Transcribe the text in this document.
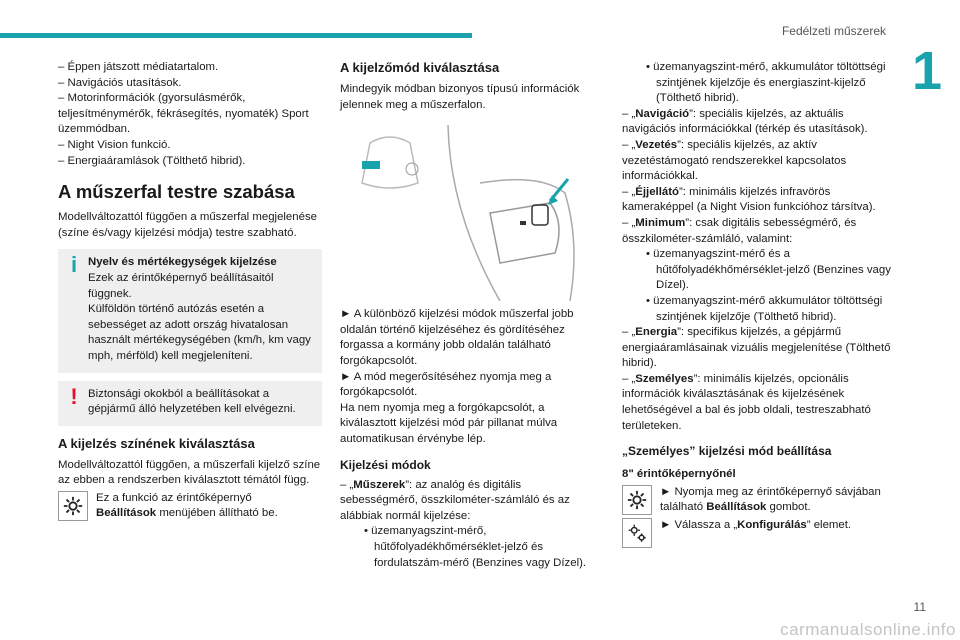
Fedélzeti műszerek
1

– Éppen játszott médiatartalom.

– Navigációs utasítások.

– Motorinformációk (gyorsulásmérők, teljesítménymérők, fékrásegítés, nyomaték) Sport üzemmódban.

– Night Vision funkció.

– Energiaáramlások (Tölthető hibrid).

A műszerfal testre szabása

Modellváltozattól függően a műszerfal megjelenése (színe és/vagy kijelzési módja) testre szabható.

i Nyelv és mértékegységek kijelzése

Ezek az érintőképernyő beállításaitól függnek.

Külföldön történő autózás esetén a sebességet az adott ország hivatalosan használt mértékegységében (km/h, km vagy mph, mérföld) kell megjeleníteni.

! Biztonsági okokból a beállításokat a gépjármű álló helyzetében kell elvégezni.

A kijelzés színének kiválasztása

Modellváltozattól függően, a műszerfali kijelző színe az ebben a rendszerben kiválasztott témától függ.

Ez a funkció az érintőképernyő
Beállítások menüjében állítható be.
A kijelzőmód kiválasztása

Mindegyik módban bizonyos típusú információk jelennek meg a műszerfalon.

► A különböző kijelzési módok műszerfal jobb oldalán történő kijelzéséhez és gördítéséhez forgassa a kormány jobb oldalán található forgókapcsolót.

► A mód megerősítéséhez nyomja meg a forgókapcsolót.

Ha nem nyomja meg a forgókapcsolót, a kiválasztott kijelzési mód pár pillanat múlva automatikusan érvénybe lép.

Kijelzési módok

– „Műszerek”: az analóg és digitális sebességmérő, összkilométer-számláló és az alábbiak normál kijelzése:

• üzemanyagszint-mérő, hűtőfolyadékhőmérséklet-jelző és fordulatszám-mérő (Benzines vagy Dízel).

• üzemanyagszint-mérő, akkumulátor töltöttségi szintjének kijelzője és energiaszint-kijelző (Tölthető hibrid).

– „Navigáció”: speciális kijelzés, az aktuális navigációs információkkal (térkép és utasítások).

– „Vezetés”: speciális kijelzés, az aktív vezetéstámogató rendszerekkel kapcsolatos információkkal.

– „Éjjellátó”: minimális kijelzés infravörös kameraképpel (a Night Vision funkcióhoz társítva).

– „Minimum”: csak digitális sebességmérő, és összkilométer-számláló, valamint:

• üzemanyagszint-mérő és a hűtőfolyadékhőmérséklet-jelző (Benzines vagy Dízel).

• üzemanyagszint-mérő akkumulátor töltöttségi szintjének kijelzője (Tölthető hibrid).

– „Energia”: specifikus kijelzés, a gépjármű energiaáramlásainak vizuális megjelenítése (Tölthető hibrid).

– „Személyes”: minimális kijelzés, opcionális információk kiválasztásának és kijelzésének lehetőségével a bal és jobb oldali, testreszabható területeken.

„Személyes” kijelzési mód beállítása
8" érintőképernyőnél

► Nyomja meg az érintőképernyő sávjában található Beállítások gombot.

► Válassza a „Konfigurálás” elemet.

11
carmanualsonline.info
